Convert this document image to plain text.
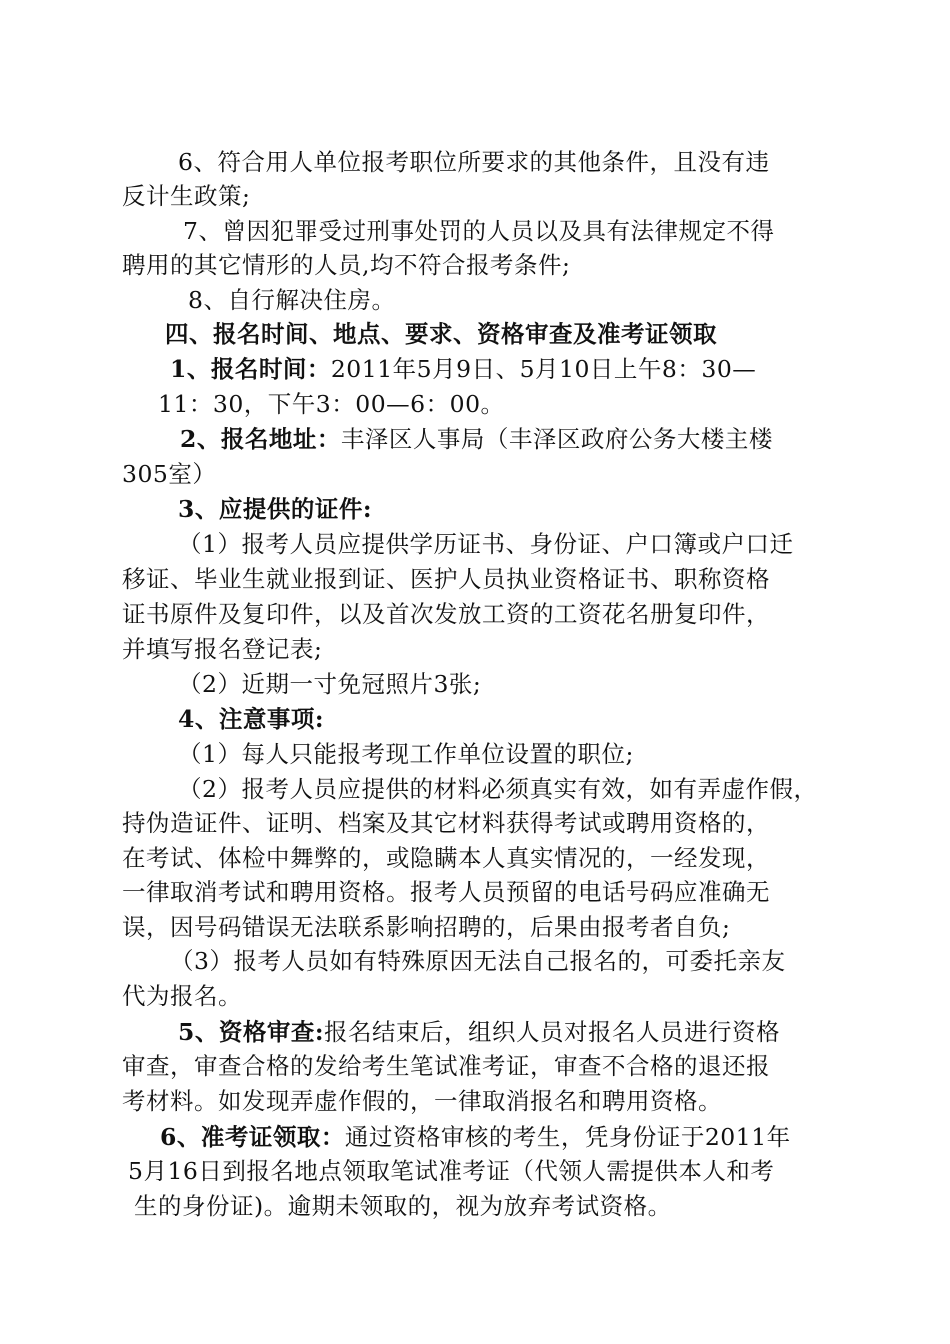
6、符合用人单位报考职位所要求的其他条件，且没有违
反计生政策;
7、曾因犯罪受过刑事处罚的人员以及具有法律规定不得
聘用的其它情形的人员,均不符合报考条件;
8、自行解决住房。
四、报名时间、地点、要求、资格审查及准考证领取
1、报名时间：2011年5月9日、5月10日上午8：30—
11：30，下午3：00—6：00。
2、报名地址：丰泽区人事局（丰泽区政府公务大楼主楼
305室）
3、应提供的证件:
（1）报考人员应提供学历证书、身份证、户口簿或户口迁
移证、毕业生就业报到证、医护人员执业资格证书、职称资格
证书原件及复印件，以及首次发放工资的工资花名册复印件，
并填写报名登记表;
（2）近期一寸免冠照片3张;
4、注意事项:
（1）每人只能报考现工作单位设置的职位;
（2）报考人员应提供的材料必须真实有效，如有弄虚作假，
持伪造证件、证明、档案及其它材料获得考试或聘用资格的，
在考试、体检中舞弊的，或隐瞒本人真实情况的，一经发现，
一律取消考试和聘用资格。报考人员预留的电话号码应准确无
误，因号码错误无法联系影响招聘的，后果由报考者自负;
（3）报考人员如有特殊原因无法自己报名的，可委托亲友
代为报名。
5、资格审查:报名结束后，组织人员对报名人员进行资格
审查，审查合格的发给考生笔试准考证，审查不合格的退还报
考材料。如发现弄虚作假的，一律取消报名和聘用资格。
6、准考证领取：通过资格审核的考生，凭身份证于2011年
5月16日到报名地点领取笔试准考证（代领人需提供本人和考
生的身份证)。逾期未领取的，视为放弃考试资格。
